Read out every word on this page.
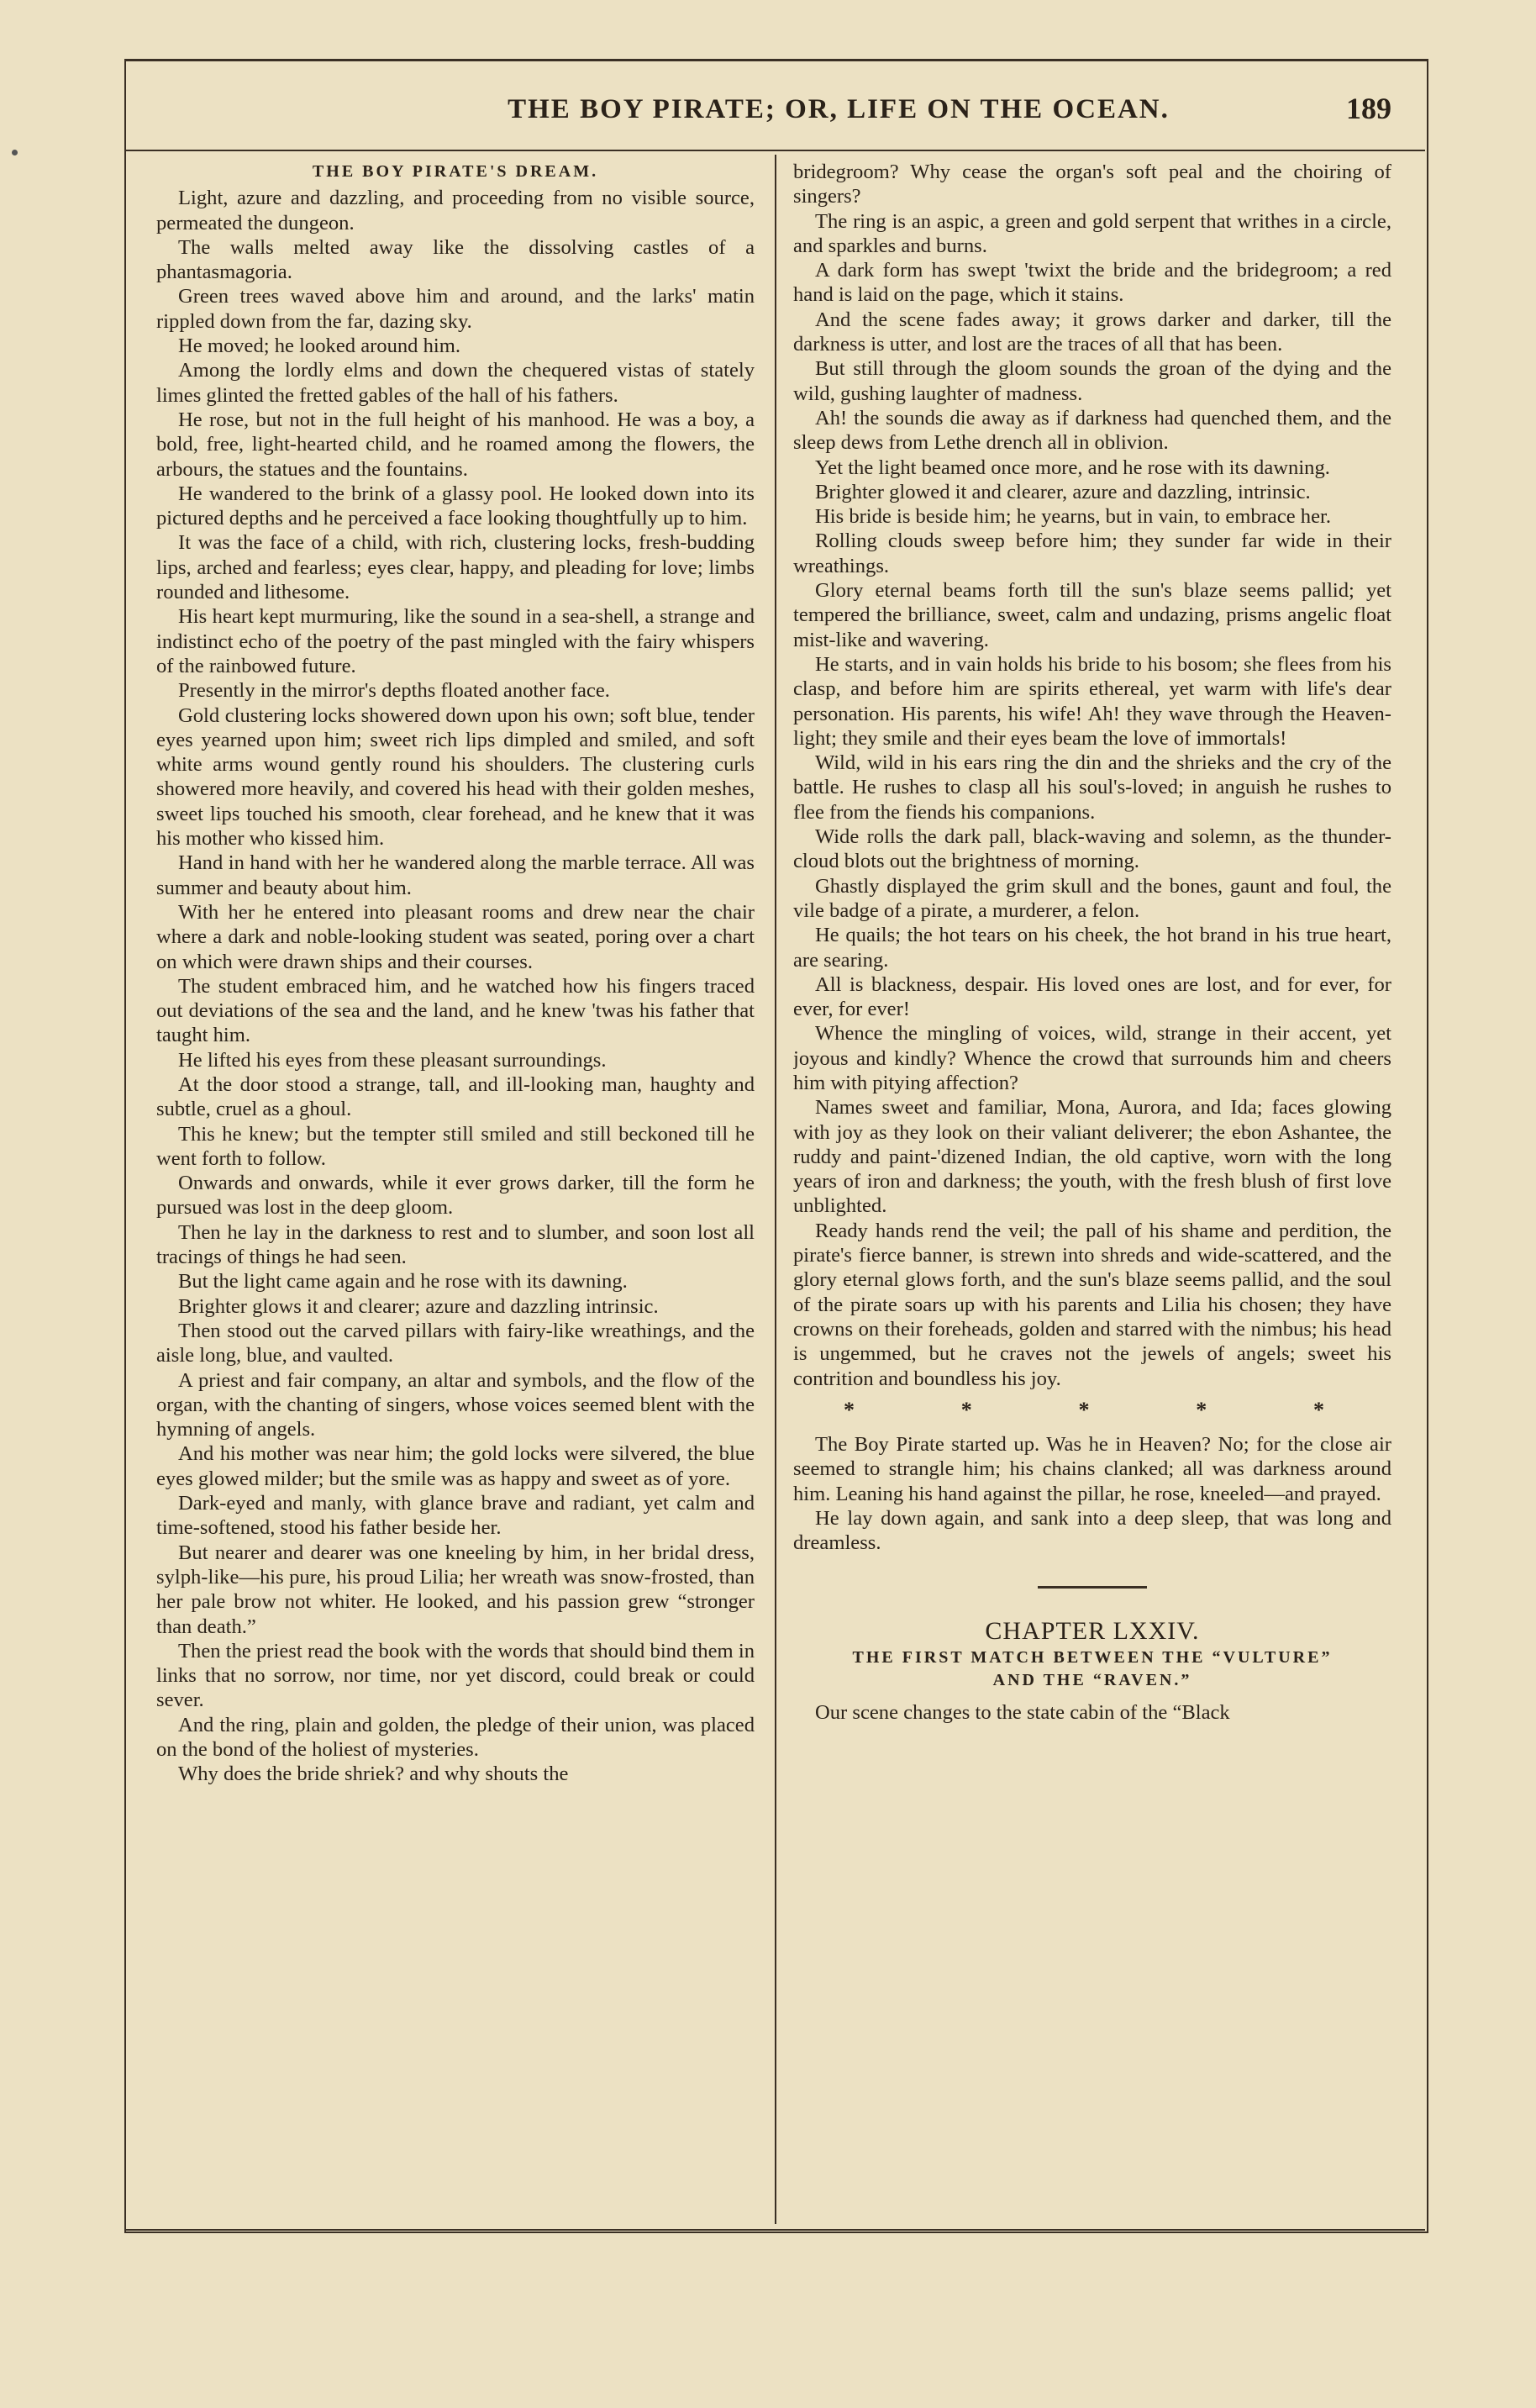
THE BOY PIRATE; OR, LIFE ON THE OCEAN.	189
THE BOY PIRATE'S DREAM.

Light, azure and dazzling, and proceeding from no visible source, permeated the dungeon.

The walls melted away like the dissolving castles of a phantasmagoria.

Green trees waved above him and around, and the larks' matin rippled down from the far, dazing sky.

He moved; he looked around him.

Among the lordly elms and down the chequered vistas of stately limes glinted the fretted gables of the hall of his fathers.

He rose, but not in the full height of his manhood. He was a boy, a bold, free, light-hearted child, and he roamed among the flowers, the arbours, the statues and the fountains.

He wandered to the brink of a glassy pool. He looked down into its pictured depths and he perceived a face looking thoughtfully up to him.

It was the face of a child, with rich, clustering locks, fresh-budding lips, arched and fearless; eyes clear, happy, and pleading for love; limbs rounded and lithesome.

His heart kept murmuring, like the sound in a sea-shell, a strange and indistinct echo of the poetry of the past mingled with the fairy whispers of the rainbowed future.

Presently in the mirror's depths floated another face.

Gold clustering locks showered down upon his own; soft blue, tender eyes yearned upon him; sweet rich lips dimpled and smiled, and soft white arms wound gently round his shoulders. The clustering curls showered more heavily, and covered his head with their golden meshes, sweet lips touched his smooth, clear forehead, and he knew that it was his mother who kissed him.

Hand in hand with her he wandered along the marble terrace. All was summer and beauty about him.

With her he entered into pleasant rooms and drew near the chair where a dark and noble-looking student was seated, poring over a chart on which were drawn ships and their courses.

The student embraced him, and he watched how his fingers traced out deviations of the sea and the land, and he knew 'twas his father that taught him.

He lifted his eyes from these pleasant surroundings.

At the door stood a strange, tall, and ill-looking man, haughty and subtle, cruel as a ghoul.

This he knew; but the tempter still smiled and still beckoned till he went forth to follow.

Onwards and onwards, while it ever grows darker, till the form he pursued was lost in the deep gloom.

Then he lay in the darkness to rest and to slumber, and soon lost all tracings of things he had seen.

But the light came again and he rose with its dawning.

Brighter glows it and clearer; azure and dazzling intrinsic.

Then stood out the carved pillars with fairy-like wreathings, and the aisle long, blue, and vaulted.

A priest and fair company, an altar and symbols, and the flow of the organ, with the chanting of singers, whose voices seemed blent with the hymning of angels.

And his mother was near him; the gold locks were silvered, the blue eyes glowed milder; but the smile was as happy and sweet as of yore.

Dark-eyed and manly, with glance brave and radiant, yet calm and time-softened, stood his father beside her.

But nearer and dearer was one kneeling by him, in her bridal dress, sylph-like—his pure, his proud Lilia; her wreath was snow-frosted, than her pale brow not whiter. He looked, and his passion grew “stronger than death.”

Then the priest read the book with the words that should bind them in links that no sorrow, nor time, nor yet discord, could break or could sever.

And the ring, plain and golden, the pledge of their union, was placed on the bond of the holiest of mysteries.

Why does the bride shriek? and why shouts the

bridegroom? Why cease the organ's soft peal and the choiring of singers?

The ring is an aspic, a green and gold serpent that writhes in a circle, and sparkles and burns.

A dark form has swept 'twixt the bride and the bridegroom; a red hand is laid on the page, which it stains.

And the scene fades away; it grows darker and darker, till the darkness is utter, and lost are the traces of all that has been.

But still through the gloom sounds the groan of the dying and the wild, gushing laughter of madness.

Ah! the sounds die away as if darkness had quenched them, and the sleep dews from Lethe drench all in oblivion.

Yet the light beamed once more, and he rose with its dawning.

Brighter glowed it and clearer, azure and dazzling, intrinsic.

His bride is beside him; he yearns, but in vain, to embrace her.

Rolling clouds sweep before him; they sunder far wide in their wreathings.

Glory eternal beams forth till the sun's blaze seems pallid; yet tempered the brilliance, sweet, calm and undazing, prisms angelic float mist-like and wavering.

He starts, and in vain holds his bride to his bosom; she flees from his clasp, and before him are spirits ethereal, yet warm with life's dear personation. His parents, his wife! Ah! they wave through the Heaven-light; they smile and their eyes beam the love of immortals!

Wild, wild in his ears ring the din and the shrieks and the cry of the battle. He rushes to clasp all his soul's-loved; in anguish he rushes to flee from the fiends his companions.

Wide rolls the dark pall, black-waving and solemn, as the thunder-cloud blots out the brightness of morning.

Ghastly displayed the grim skull and the bones, gaunt and foul, the vile badge of a pirate, a murderer, a felon.

He quails; the hot tears on his cheek, the hot brand in his true heart, are searing.

All is blackness, despair. His loved ones are lost, and for ever, for ever, for ever!

Whence the mingling of voices, wild, strange in their accent, yet joyous and kindly? Whence the crowd that surrounds him and cheers him with pitying affection?

Names sweet and familiar, Mona, Aurora, and Ida; faces glowing with joy as they look on their valiant deliverer; the ebon Ashantee, the ruddy and paint-'dizened Indian, the old captive, worn with the long years of iron and darkness; the youth, with the fresh blush of first love unblighted.

Ready hands rend the veil; the pall of his shame and perdition, the pirate's fierce banner, is strewn into shreds and wide-scattered, and the glory eternal glows forth, and the sun's blaze seems pallid, and the soul of the pirate soars up with his parents and Lilia his chosen; they have crowns on their foreheads, golden and starred with the nimbus; his head is ungemmed, but he craves not the jewels of angels; sweet his contrition and boundless his joy.

*	*	*	*	*

The Boy Pirate started up. Was he in Heaven? No; for the close air seemed to strangle him; his chains clanked; all was darkness around him. Leaning his hand against the pillar, he rose, kneeled—and prayed.

He lay down again, and sank into a deep sleep, that was long and dreamless.

CHAPTER LXXIV.
THE FIRST MATCH BETWEEN THE “VULTURE”
AND THE “RAVEN.”

Our scene changes to the state cabin of the “Black
